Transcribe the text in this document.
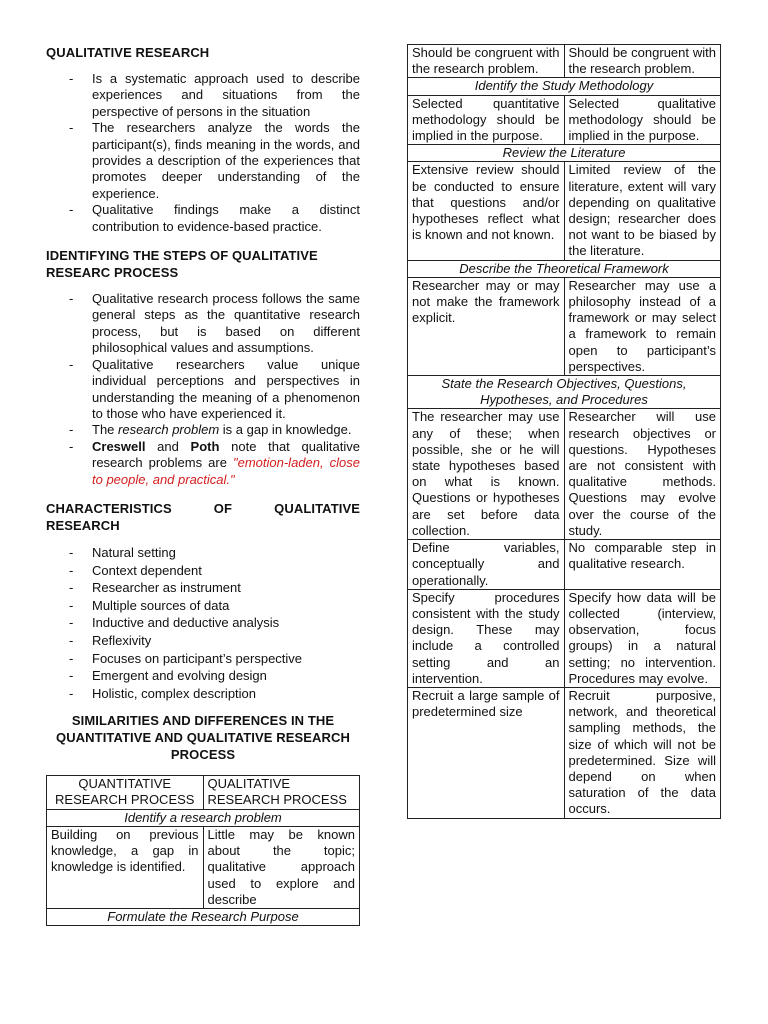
QUALITATIVE RESEARCH
- Is a systematic approach used to describe experiences and situations from the perspective of persons in the situation
- The researchers analyze the words the participant(s), finds meaning in the words, and provides a description of the experiences that promotes deeper understanding of the experience.
- Qualitative findings make a distinct contribution to evidence-based practice.
IDENTIFYING THE STEPS OF QUALITATIVE RESEARC PROCESS
- Qualitative research process follows the same general steps as the quantitative research process, but is based on different philosophical values and assumptions.
- Qualitative researchers value unique individual perceptions and perspectives in understanding the meaning of a phenomenon to those who have experienced it.
- The research problem is a gap in knowledge.
- Creswell and Poth note that qualitative research problems are "emotion-laden, close to people, and practical."
CHARACTERISTICS OF QUALITATIVE RESEARCH
- Natural setting
- Context dependent
- Researcher as instrument
- Multiple sources of data
- Inductive and deductive analysis
- Reflexivity
- Focuses on participant’s perspective
- Emergent and evolving design
- Holistic, complex description
SIMILARITIES AND DIFFERENCES IN THE QUANTITATIVE AND QUALITATIVE RESEARCH PROCESS
QUANTITATIVE RESEARCH PROCESS	QUALITATIVE RESEARCH PROCESS
Identify a research problem	
Building on previous knowledge, a gap in knowledge is identified.	Little may be known about the topic; qualitative approach used to explore and describe
Formulate the Research Purpose	
Should be congruent with the research problem.	Should be congruent with the research problem.
Identify the Study Methodology	
Selected quantitative methodology should be implied in the purpose.	Selected qualitative methodology should be implied in the purpose.
Review the Literature	
Extensive review should be conducted to ensure that questions and/or hypotheses reflect what is known and not known.	Limited review of the literature, extent will vary depending on qualitative design; researcher does not want to be biased by the literature.
Describe the Theoretical Framework	
Researcher may or may not make the framework explicit.	Researcher may use a philosophy instead of a framework or may select a framework to remain open to participant’s perspectives.
State the Research Objectives, Questions, Hypotheses, and Procedures	
The researcher may use any of these; when possible, she or he will state hypotheses based on what is known. Questions or hypotheses are set before data collection.	Researcher will use research objectives or questions. Hypotheses are not consistent with qualitative methods. Questions may evolve over the course of the study.
Define variables, conceptually and operationally.	No comparable step in qualitative research.
Specify procedures consistent with the study design. These may include a controlled setting and an intervention.	Specify how data will be collected (interview, observation, focus groups) in a natural setting; no intervention. Procedures may evolve.
Recruit a large sample of predetermined size	Recruit purposive, network, and theoretical sampling methods, the size of which will not be predetermined. Size will depend on when saturation of the data occurs.
